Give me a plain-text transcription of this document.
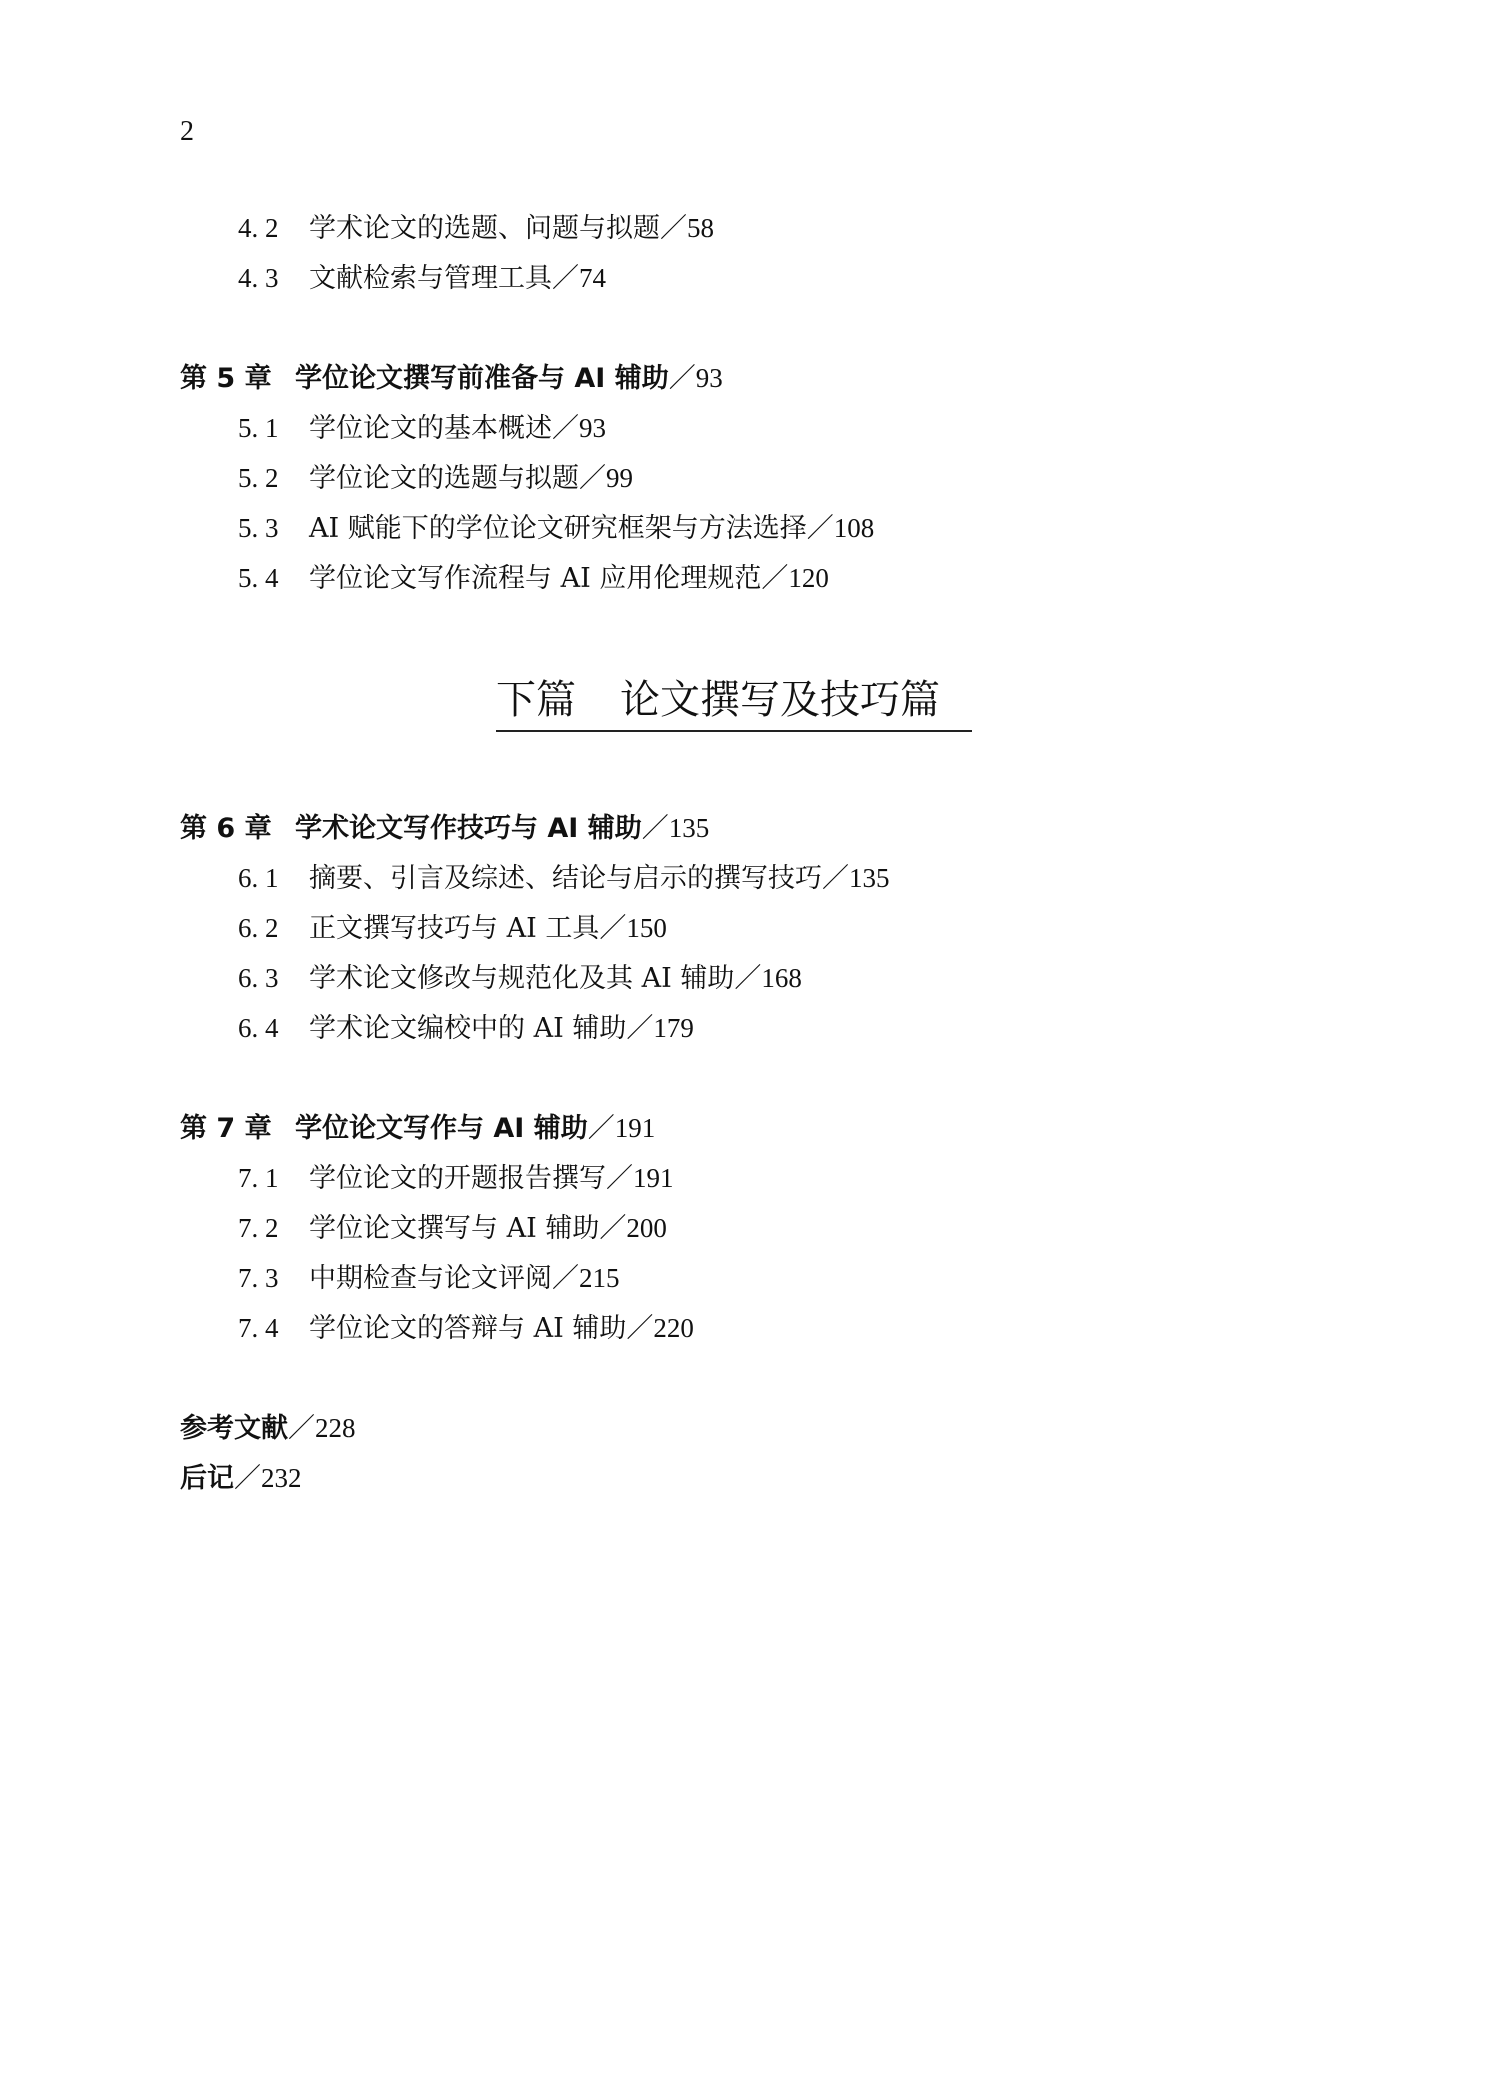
2
4. 2 学术论文的选题、问题与拟题／58
4. 3 文献检索与管理工具／74
第 5 章 学位论文撰写前准备与 AI 辅助／93
5. 1 学位论文的基本概述／93
5. 2 学位论文的选题与拟题／99
5. 3 AI 赋能下的学位论文研究框架与方法选择／108
5. 4 学位论文写作流程与 AI 应用伦理规范／120
下篇 论文撰写及技巧篇
第 6 章 学术论文写作技巧与 AI 辅助／135
6. 1 摘要、引言及综述、结论与启示的撰写技巧／135
6. 2 正文撰写技巧与 AI 工具／150
6. 3 学术论文修改与规范化及其 AI 辅助／168
6. 4 学术论文编校中的 AI 辅助／179
第 7 章 学位论文写作与 AI 辅助／191
7. 1 学位论文的开题报告撰写／191
7. 2 学位论文撰写与 AI 辅助／200
7. 3 中期检查与论文评阅／215
7. 4 学位论文的答辩与 AI 辅助／220
参考文献／228
后记／232
